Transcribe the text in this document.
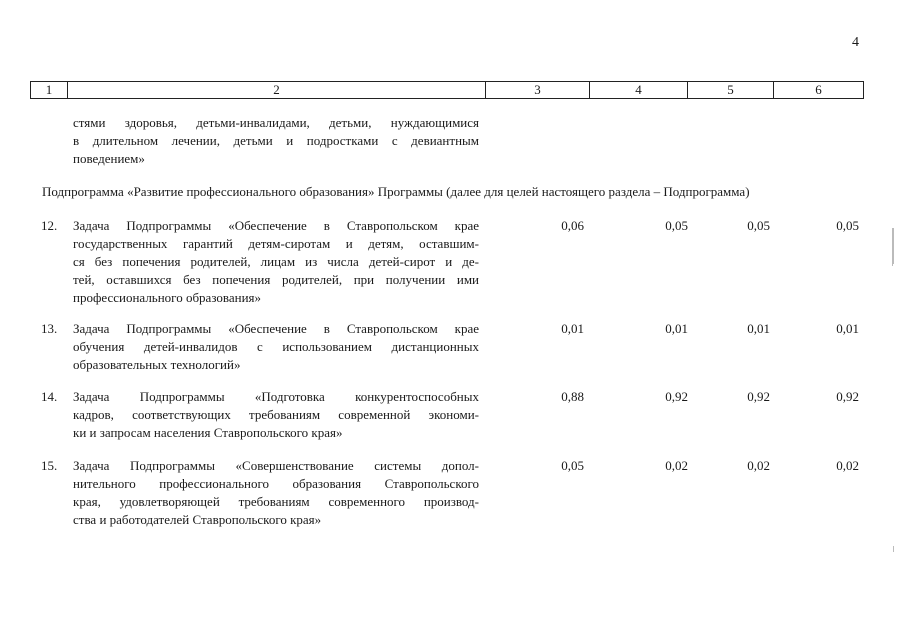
4
1	2	3	4	5	6
стями здоровья, детьми-инвалидами, детьми, нуждающимися
в длительном лечении, детьми и подростками с девиантным
поведением»
Подпрограмма «Развитие профессионального образования» Программы (далее для целей настоящего раздела – Подпрограмма)
12.	Задача Подпрограммы «Обеспечение в Ставропольском крае
государственных гарантий детям-сиротам и детям, оставшим-
ся без попечения родителей, лицам из числа детей-сирот и де-
тей, оставшихся без попечения родителей, при получении ими
профессионального образования»
0,06	0,05	0,05	0,05
13.	Задача Подпрограммы «Обеспечение в Ставропольском крае
обучения детей-инвалидов с использованием дистанционных
образовательных технологий»
0,01	0,01	0,01	0,01
14.	Задача Подпрограммы «Подготовка конкурентоспособных
кадров, соответствующих требованиям современной экономи-
ки и запросам населения Ставропольского края»
0,88	0,92	0,92	0,92
15.	Задача Подпрограммы «Совершенствование системы допол-
нительного профессионального образования Ставропольского
края, удовлетворяющей требованиям современного производ-
ства и работодателей Ставропольского края»
0,05	0,02	0,02	0,02
